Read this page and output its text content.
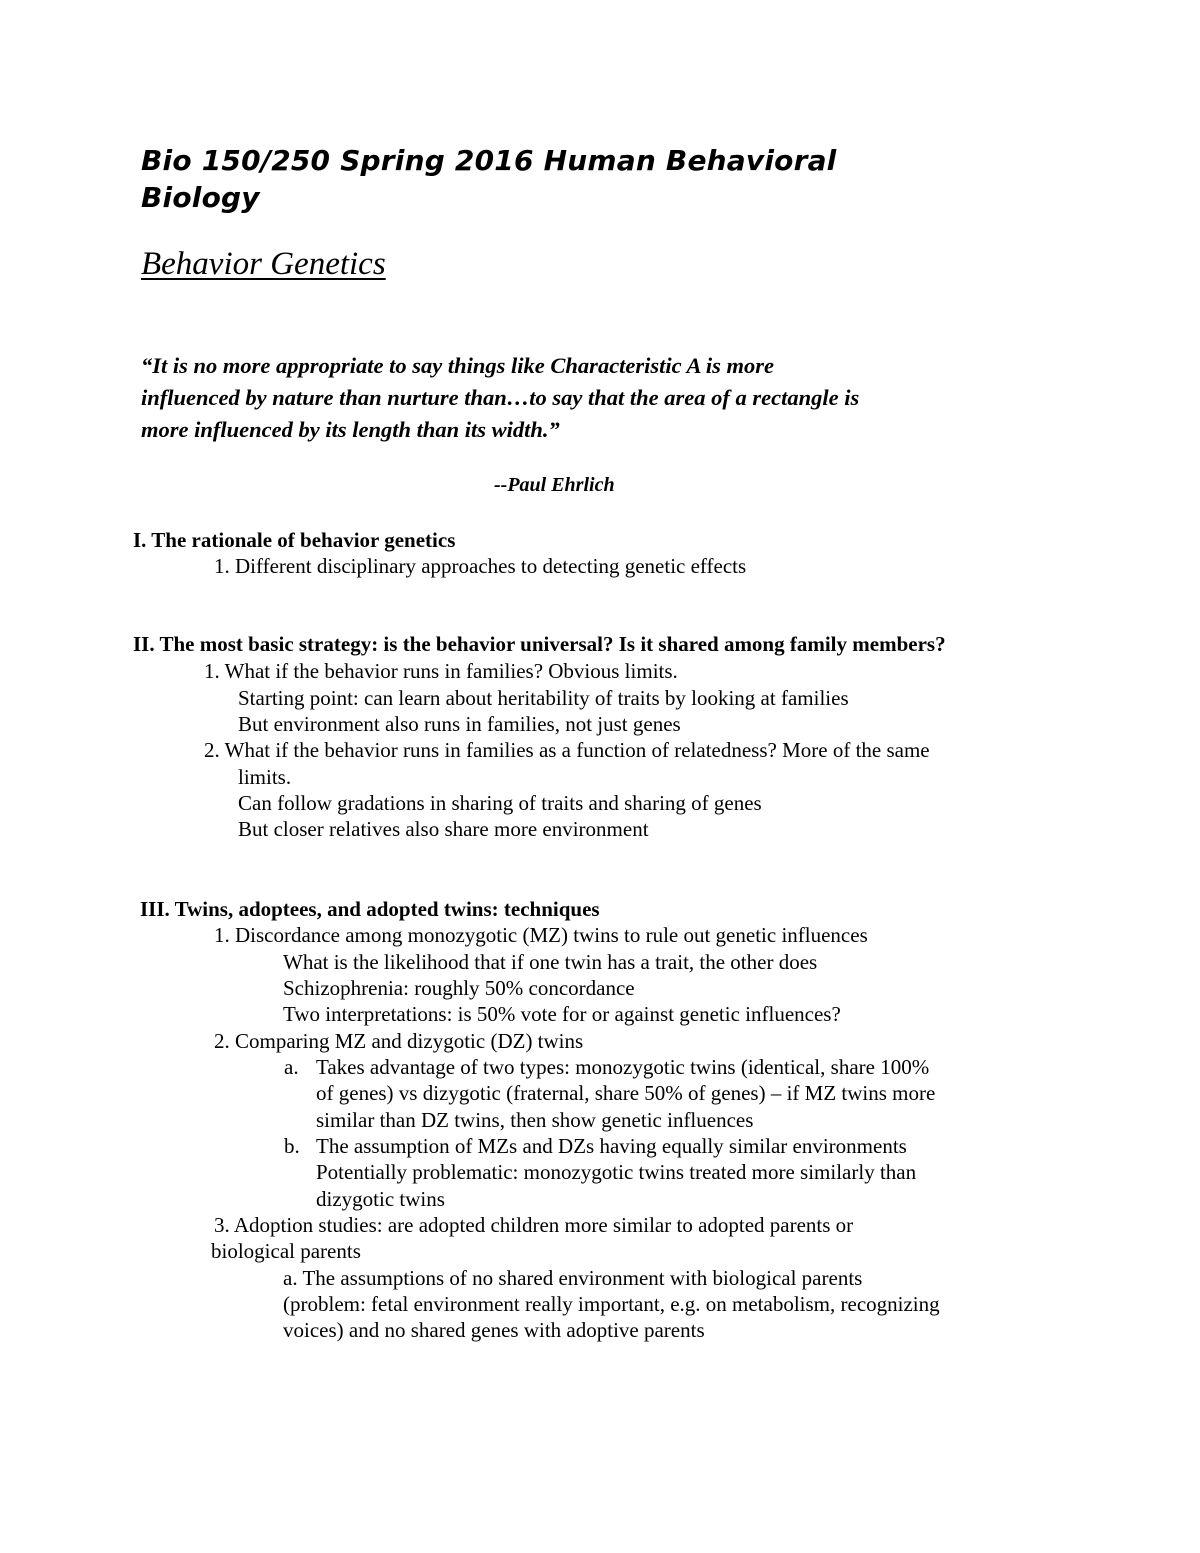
Bio 150/250 Spring 2016 Human Behavioral
Biology
Behavior Genetics
“It is no more appropriate to say things like Characteristic A is more
influenced by nature than nurture than…to say that the area of a rectangle is
more influenced by its length than its width.”
--Paul Ehrlich
I. The rationale of behavior genetics
1. Different disciplinary approaches to detecting genetic effects
II. The most basic strategy: is the behavior universal? Is it shared among family members?
1. What if the behavior runs in families? Obvious limits.
Starting point: can learn about heritability of traits by looking at families
But environment also runs in families, not just genes
2. What if the behavior runs in families as a function of relatedness? More of the same
limits.
Can follow gradations in sharing of traits and sharing of genes
But closer relatives also share more environment
III. Twins, adoptees, and adopted twins: techniques
1. Discordance among monozygotic (MZ) twins to rule out genetic influences
What is the likelihood that if one twin has a trait, the other does
Schizophrenia: roughly 50% concordance
Two interpretations: is 50% vote for or against genetic influences?
2. Comparing MZ and dizygotic (DZ) twins
a. Takes advantage of two types: monozygotic twins (identical, share 100%
of genes) vs dizygotic (fraternal, share 50% of genes) – if MZ twins more
similar than DZ twins, then show genetic influences
b. The assumption of MZs and DZs having equally similar environments
Potentially problematic: monozygotic twins treated more similarly than
dizygotic twins
3. Adoption studies: are adopted children more similar to adopted parents or
biological parents
a. The assumptions of no shared environment with biological parents
(problem: fetal environment really important, e.g. on metabolism, recognizing
voices) and no shared genes with adoptive parents
